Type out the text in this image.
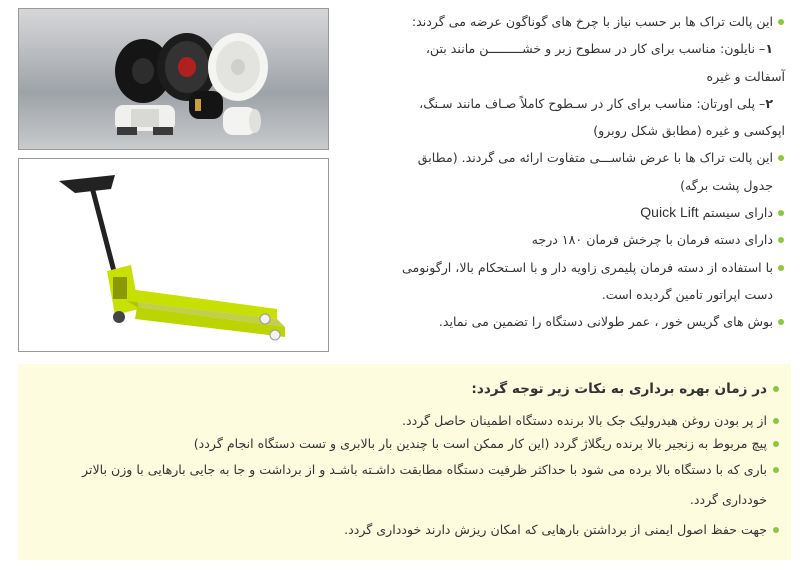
این پالت تراک ها بر حسب نیاز با چرخ های گوناگون عرضه می گردند:

۱– نایلون: مناسب برای کار در سطوح زبر و خشـــــــــن مانند بتن،

آسفالت و غیره

۲– پلی اورتان: مناسب برای کار در سـطوح کاملاً صـاف مانند سـنگ،

اپوکسی و غیره (مطابق شکل روبرو)

این پالت تراک ها با عرض شاســـی متفاوت ارائه می گردند. (مطابق

جدول پشت برگه)

دارای سیستم Quick Lift

دارای دسته فرمان با چرخش فرمان ۱۸۰ درجه

با استفاده از دسته فرمان پلیمری زاویه دار و با اسـتحکام بالا، ارگونومی

دست اپراتور تامین گردیده است.

بوش های گریس خور ، عمر طولانی دستگاه را تضمین می نماید.

در زمان بهره برداری به نکات زیر توجه گردد:
از پر بودن روغن هیدرولیک جک بالا برنده دستگاه اطمینان حاصل گردد.
پیچ مربوط به زنجیر بالا برنده ریگلاژ گردد (این کار ممکن است با چندین بار بالابری و تست دستگاه انجام گردد)
باری که با دستگاه بالا برده می شود با حداکثر ظرفیت دستگاه مطابقت داشـته باشـد و از برداشت و جا به جایی بارهایی با وزن بالاتر
خودداری گردد.
جهت حفظ اصول ایمنی از برداشتن بارهایی که امکان ریزش دارند خودداری گردد.
